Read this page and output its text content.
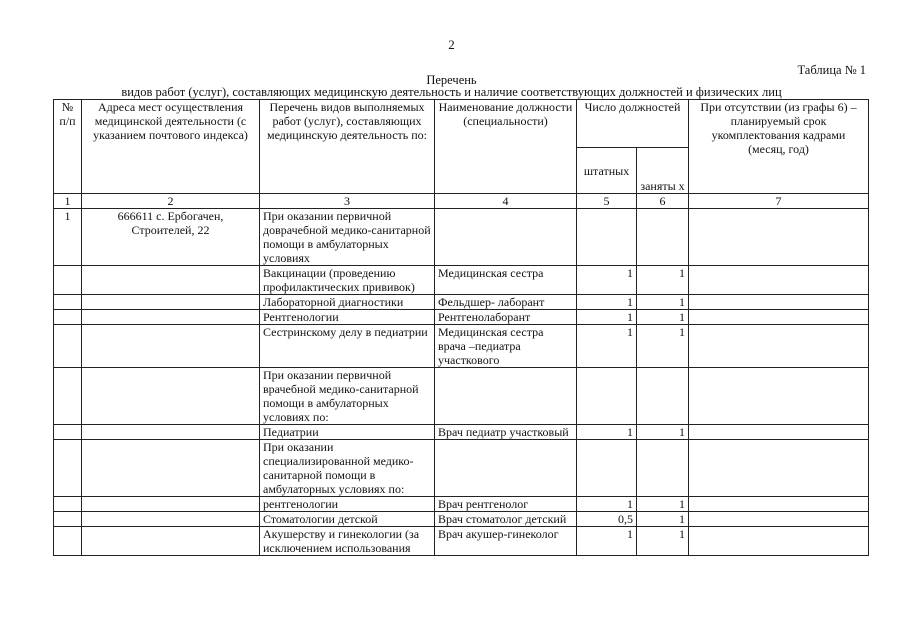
2
Таблица № 1
Перечень
видов работ (услуг), составляющих медицинскую деятельность и наличие соответствующих должностей и физических лиц
№ п/п	Адреса мест осуществления медицинской деятельности (с указанием почтового индекса)	Перечень видов выполняемых работ (услуг), составляющих медицинскую деятельность по:	Наименование должности (специальности)	Число должностей		При отсутствии (из графы 6) – планируемый срок укомплектования кадрами (месяц, год)
				штатных	заняты х	
1	2	3	4	5	6	7
1	666611 с. Ербогачен, Строителей, 22	При оказании первичной доврачебной медико-санитарной помощи в амбулаторных условиях				
		Вакцинации (проведению профилактических прививок)	Медицинская сестра	1	1	
		Лабораторной диагностики	Фельдшер- лаборант	1	1	
		Рентгенологии	Рентгенолаборант	1	1	
		Сестринскому делу в педиатрии	Медицинская сестра врача –педиатра участкового	1	1	
		При оказании первичной врачебной медико-санитарной помощи в амбулаторных условиях по:				
		Педиатрии	Врач педиатр участковый	1	1	
		При оказании специализированной медико-санитарной помощи в амбулаторных условиях по:				
		рентгенологии	Врач рентгенолог	1	1	
		Стоматологии детской	Врач стоматолог детский	0,5	1	
		Акушерству и гинекологии (за исключением использования	Врач акушер-гинеколог	1	1	
